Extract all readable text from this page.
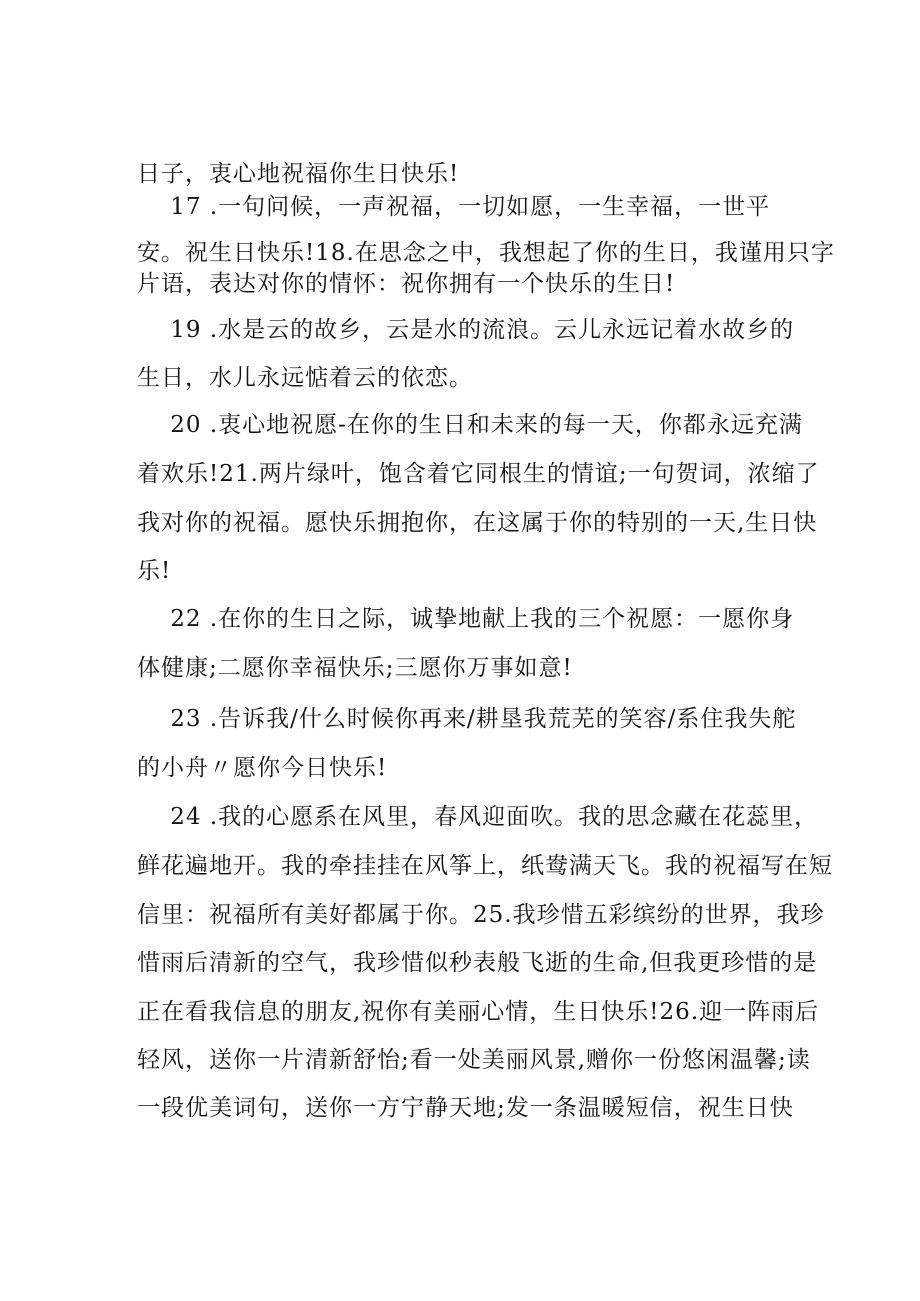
日子，衷心地祝福你生日快乐!
17 .一句问候，一声祝福，一切如愿，一生幸福，一世平
安。祝生日快乐!18.在思念之中，我想起了你的生日，我谨用只字
片语，表达对你的情怀：祝你拥有一个快乐的生日!
19 .水是云的故乡，云是水的流浪。云儿永远记着水故乡的
生日，水儿永远惦着云的依恋。
20 .衷心地祝愿-在你的生日和未来的每一天，你都永远充满
着欢乐!21.两片绿叶，饱含着它同根生的情谊;一句贺词，浓缩了
我对你的祝福。愿快乐拥抱你，在这属于你的特别的一天,生日快
乐!
22 .在你的生日之际，诚挚地献上我的三个祝愿：一愿你身
体健康;二愿你幸福快乐;三愿你万事如意!
23 .告诉我/什么时候你再来/耕垦我荒芜的笑容/系住我失舵
的小舟〃愿你今日快乐!
24 .我的心愿系在风里，春风迎面吹。我的思念藏在花蕊里，
鲜花遍地开。我的牵挂挂在风筝上，纸鸯满天飞。我的祝福写在短
信里：祝福所有美好都属于你。25.我珍惜五彩缤纷的世界，我珍
惜雨后清新的空气，我珍惜似秒表般飞逝的生命,但我更珍惜的是
正在看我信息的朋友,祝你有美丽心情，生日快乐!26.迎一阵雨后
轻风，送你一片清新舒怡;看一处美丽风景,赠你一份悠闲温馨;读
一段优美词句，送你一方宁静天地;发一条温暖短信，祝生日快
